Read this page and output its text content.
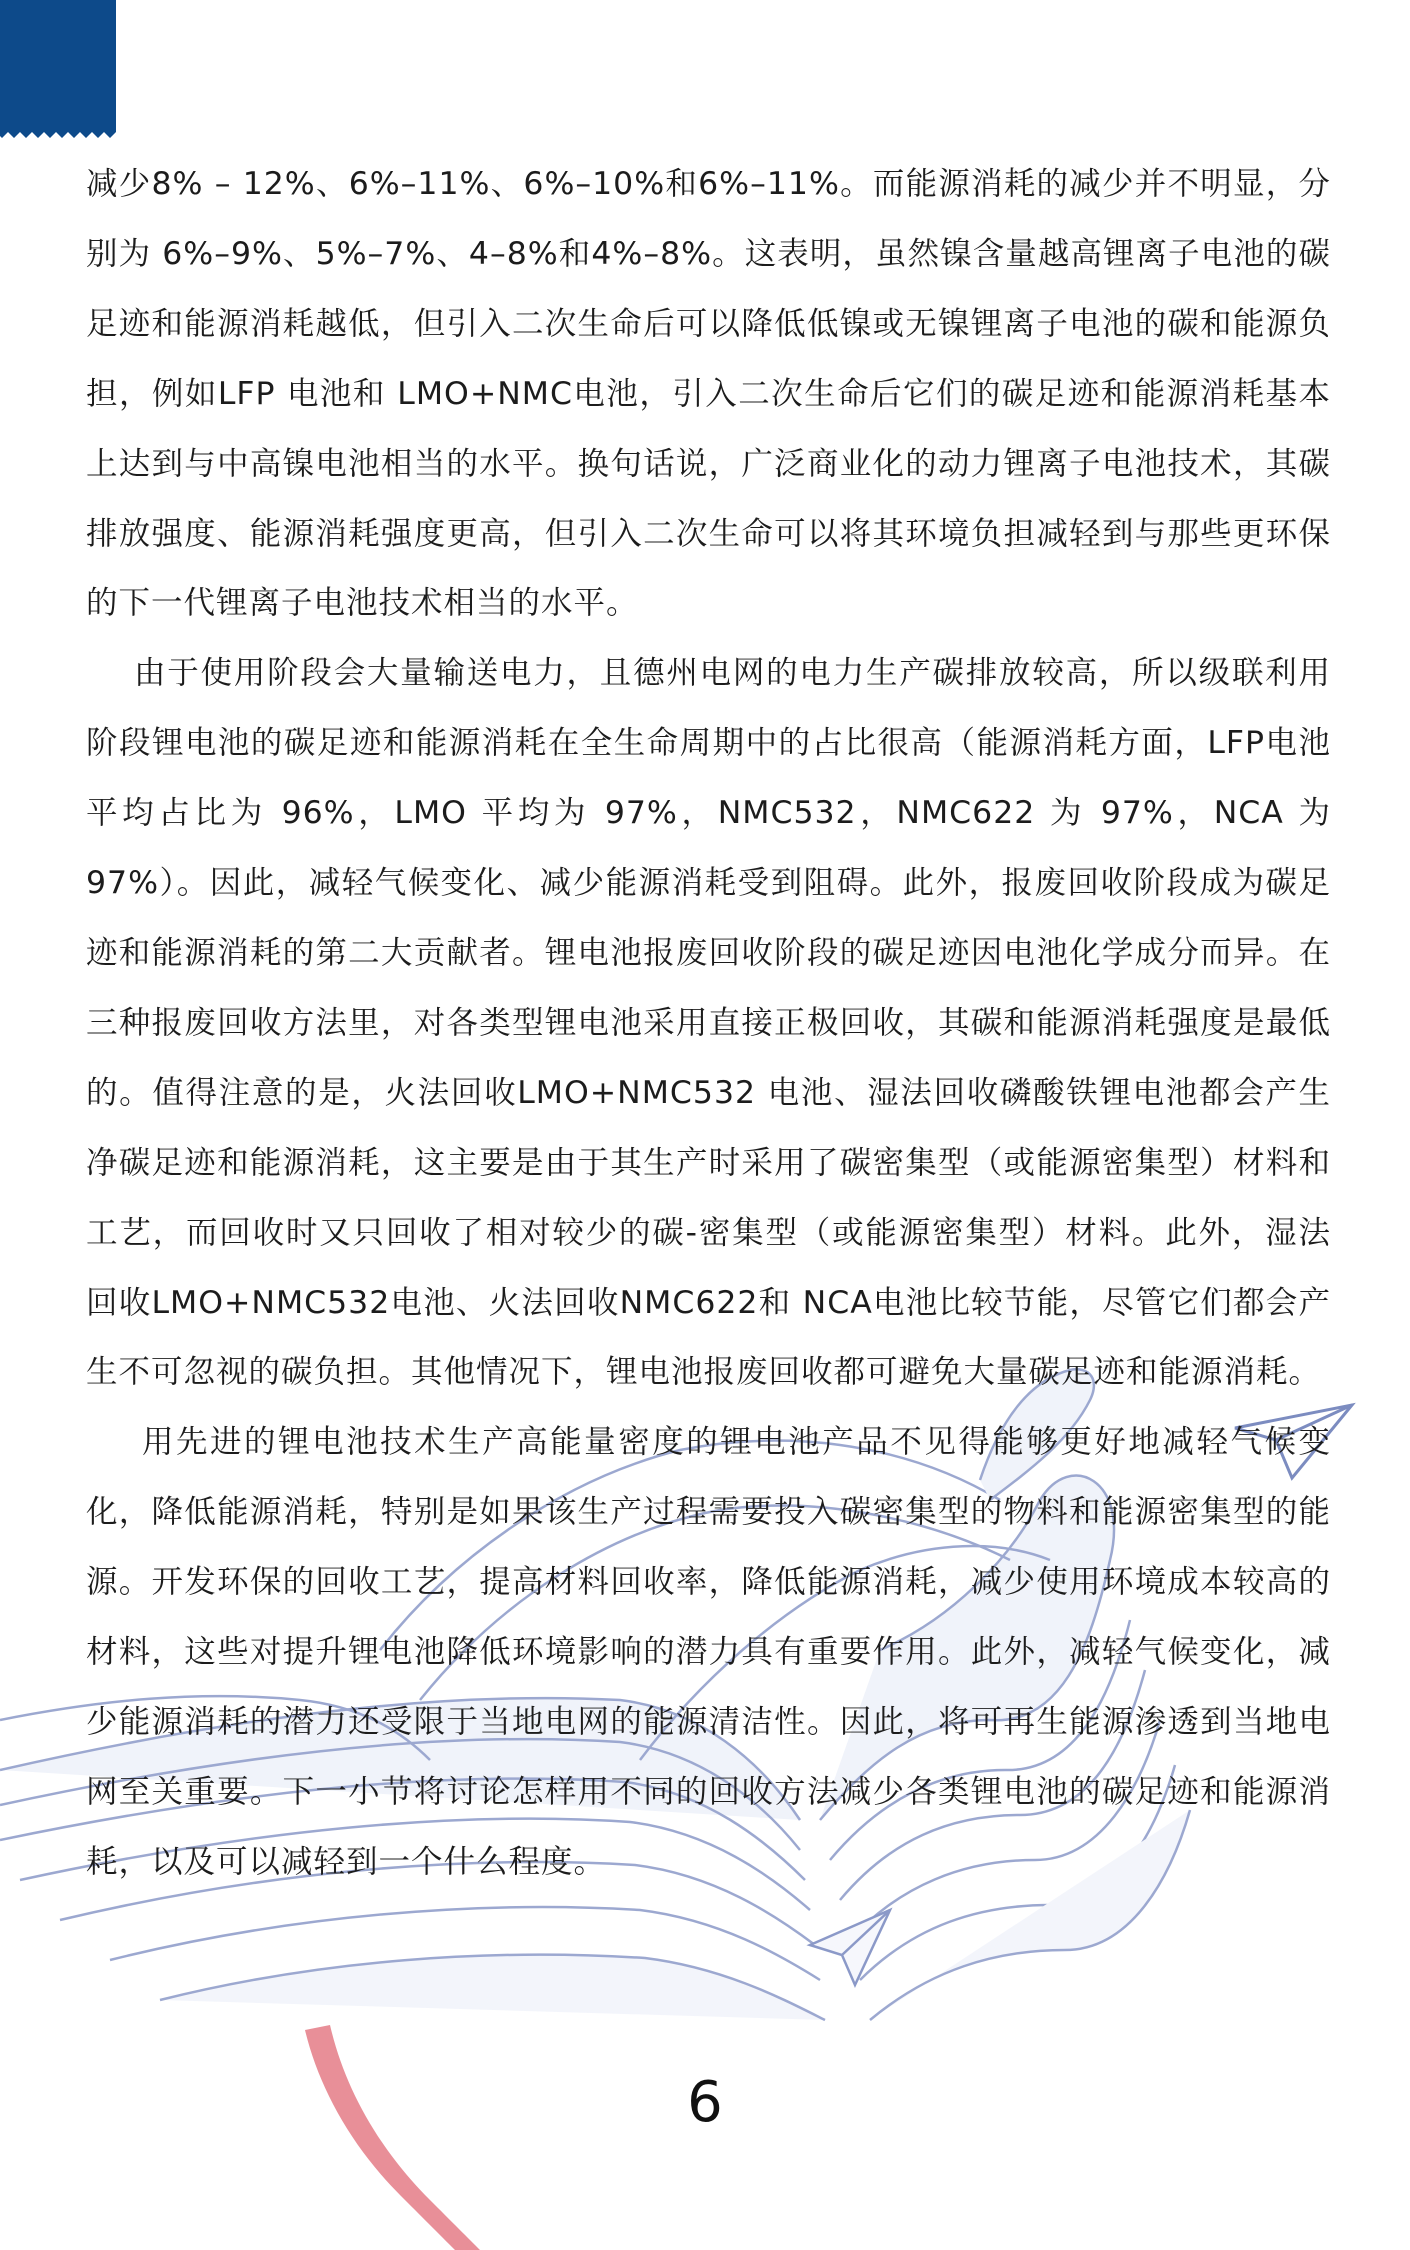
减少8% – 12%、6%–11%、6%–10%和6%–11%。而能源消耗的减少并不明显，分别为 6%–9%、5%–7%、4–8%和4%–8%。这表明，虽然镍含量越高锂离子电池的碳足迹和能源消耗越低，但引入二次生命后可以降低低镍或无镍锂离子电池的碳和能源负担，例如LFP 电池和 LMO+NMC电池，引入二次生命后它们的碳足迹和能源消耗基本上达到与中高镍电池相当的水平。换句话说，广泛商业化的动力锂离子电池技术，其碳排放强度、能源消耗强度更高，但引入二次生命可以将其环境负担减轻到与那些更环保的下一代锂离子电池技术相当的水平。

由于使用阶段会大量输送电力，且德州电网的电力生产碳排放较高，所以级联利用阶段锂电池的碳足迹和能源消耗在全生命周期中的占比很高（能源消耗方面，LFP电池平均占比为 96%，LMO 平均为 97%，NMC532，NMC622 为 97%，NCA 为 97%）。因此，减轻气候变化、减少能源消耗受到阻碍。此外，报废回收阶段成为碳足迹和能源消耗的第二大贡献者。锂电池报废回收阶段的碳足迹因电池化学成分而异。在三种报废回收方法里，对各类型锂电池采用直接正极回收，其碳和能源消耗强度是最低的。值得注意的是，火法回收LMO+NMC532 电池、湿法回收磷酸铁锂电池都会产生净碳足迹和能源消耗，这主要是由于其生产时采用了碳密集型（或能源密集型）材料和工艺，而回收时又只回收了相对较少的碳-密集型（或能源密集型）材料。此外，湿法回收LMO+NMC532电池、火法回收NMC622和 NCA电池比较节能，尽管它们都会产生不可忽视的碳负担。其他情况下，锂电池报废回收都可避免大量碳足迹和能源消耗。

用先进的锂电池技术生产高能量密度的锂电池产品不见得能够更好地减轻气候变化，降低能源消耗，特别是如果该生产过程需要投入碳密集型的物料和能源密集型的能源。开发环保的回收工艺，提高材料回收率，降低能源消耗，减少使用环境成本较高的材料，这些对提升锂电池降低环境影响的潜力具有重要作用。此外，减轻气候变化，减少能源消耗的潜力还受限于当地电网的能源清洁性。因此，将可再生能源渗透到当地电网至关重要。下一小节将讨论怎样用不同的回收方法减少各类锂电池的碳足迹和能源消耗，以及可以减轻到一个什么程度。

6
